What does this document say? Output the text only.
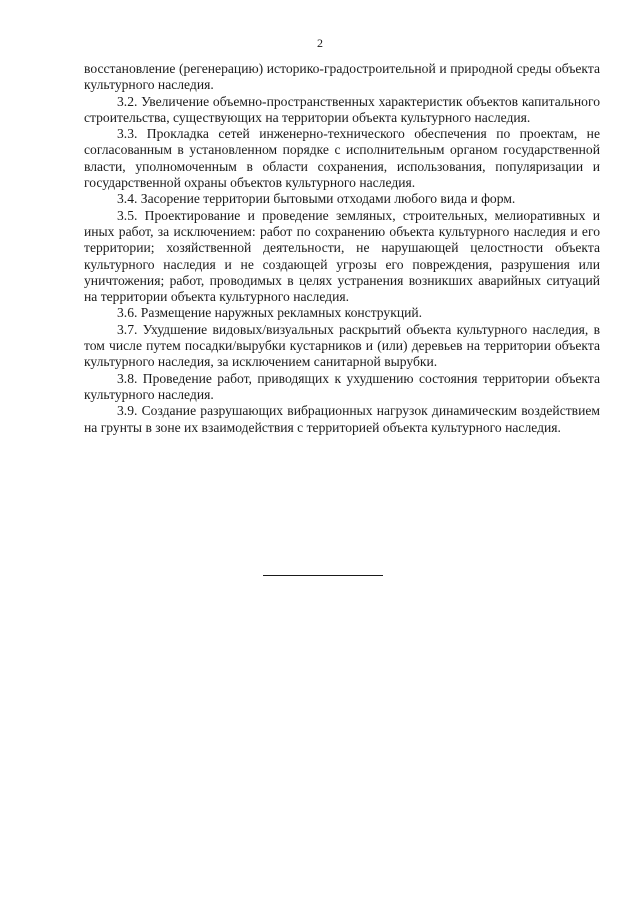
2

восстановление (регенерацию) историко-градостроительной и природной среды объекта культурного наследия.

3.2. Увеличение объемно-пространственных характеристик объектов капитального строительства, существующих на территории объекта культурного наследия.

3.3. Прокладка сетей инженерно-технического обеспечения по проектам, не согласованным в установленном порядке с исполнительным органом государственной власти, уполномоченным в области сохранения, использования, популяризации и государственной охраны объектов культурного наследия.

3.4. Засорение территории бытовыми отходами любого вида и форм.

3.5. Проектирование и проведение земляных, строительных, мелиоративных и иных работ, за исключением: работ по сохранению объекта культурного наследия и его территории; хозяйственной деятельности, не нарушающей целостности объекта культурного наследия и не создающей угрозы его повреждения, разрушения или уничтожения; работ, проводимых в целях устранения возникших аварийных ситуаций на территории объекта культурного наследия.

3.6. Размещение наружных рекламных конструкций.

3.7. Ухудшение видовых/визуальных раскрытий объекта культурного наследия, в том числе путем посадки/вырубки кустарников и (или) деревьев на территории объекта культурного наследия, за исключением санитарной вырубки.

3.8. Проведение работ, приводящих к ухудшению состояния территории объекта культурного наследия.

3.9. Создание разрушающих вибрационных нагрузок динамическим воздействием на грунты в зоне их взаимодействия с территорией объекта культурного наследия.
